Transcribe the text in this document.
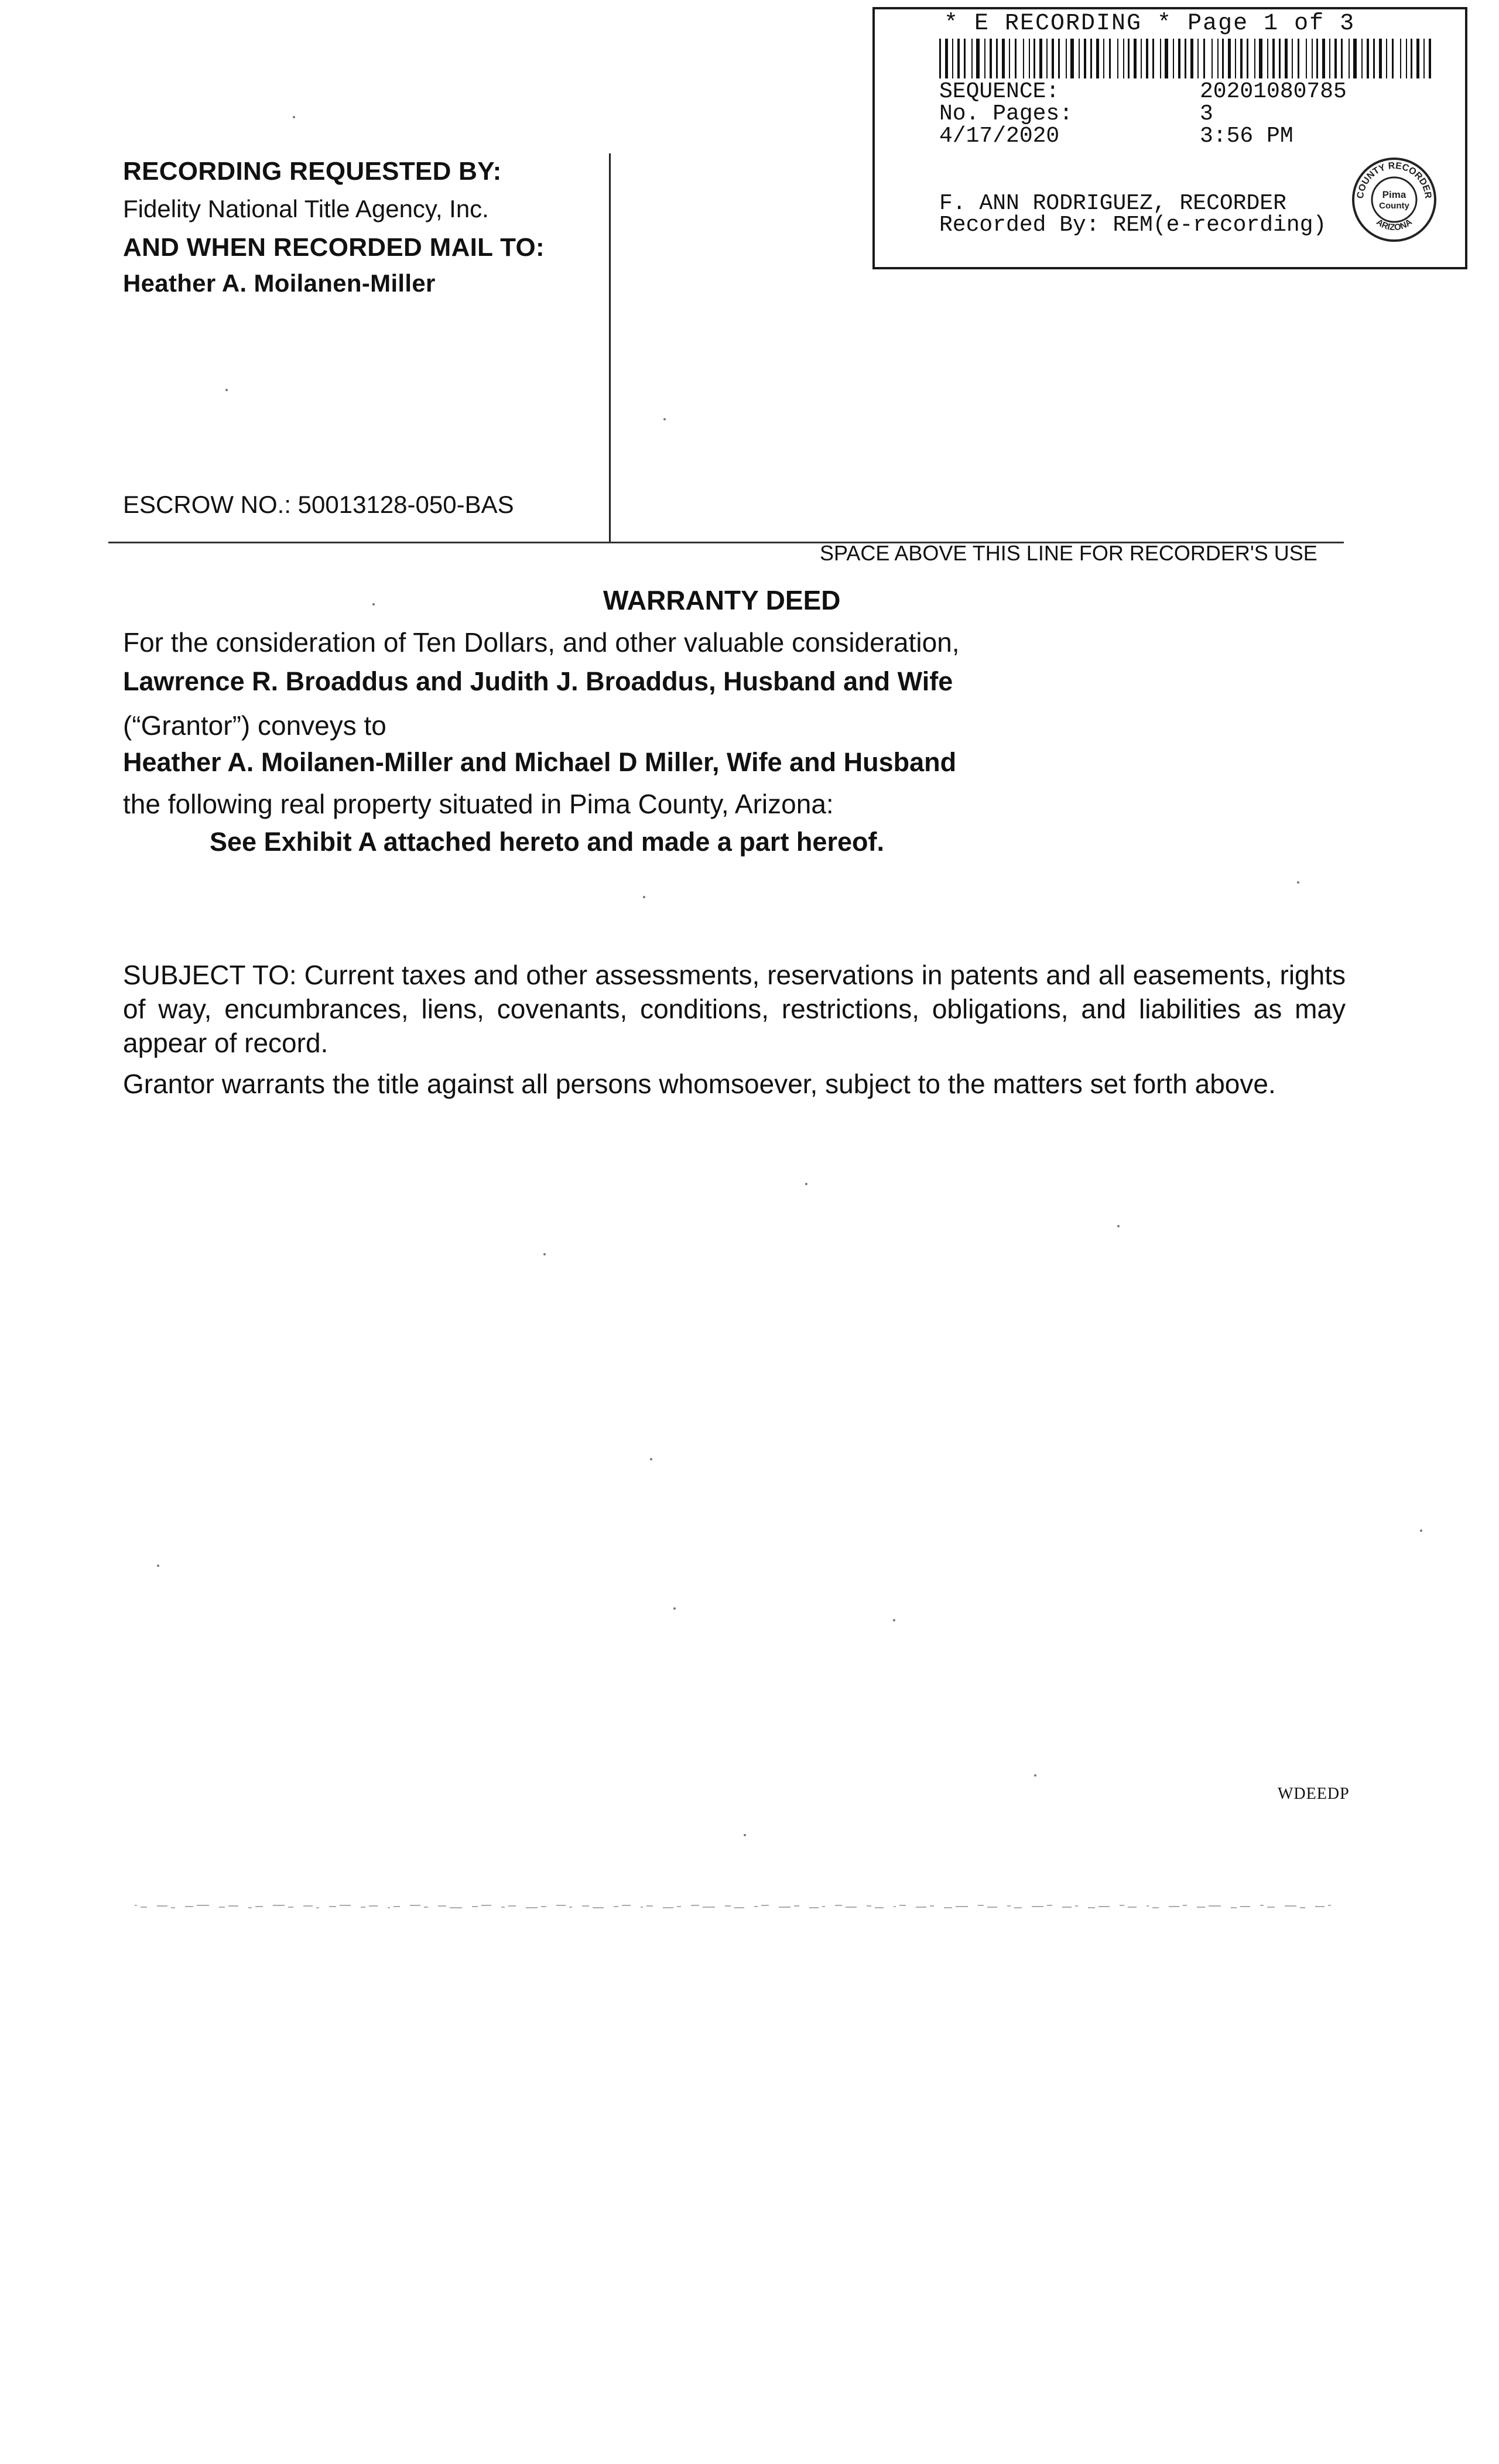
* E RECORDING * Page 1 of 3
SEQUENCE:	20201080785
No. Pages:	3
4/17/2020	3:56 PM
F. ANN RODRIGUEZ, RECORDER
Recorded By: REM(e-recording)
COUNTY RECORDER
ARIZONA
Pima
County
RECORDING REQUESTED BY:
Fidelity National Title Agency, Inc.
AND WHEN RECORDED MAIL TO:
Heather A. Moilanen-Miller
ESCROW NO.: 50013128-050-BAS
SPACE ABOVE THIS LINE FOR RECORDER'S USE
WARRANTY DEED
For the consideration of Ten Dollars, and other valuable consideration,
Lawrence R. Broaddus and Judith J. Broaddus, Husband and Wife
(“Grantor”) conveys to
Heather A. Moilanen-Miller and Michael D Miller, Wife and Husband
the following real property situated in Pima County, Arizona:
See Exhibit A attached hereto and made a part hereof.
SUBJECT TO: Current taxes and other assessments, reservations in patents and all easements, rights of way, encumbrances, liens, covenants, conditions, restrictions, obligations, and liabilities as may appear of record.
Grantor warrants the title against all persons whomsoever, subject to the matters set forth above.
WDEEDP
